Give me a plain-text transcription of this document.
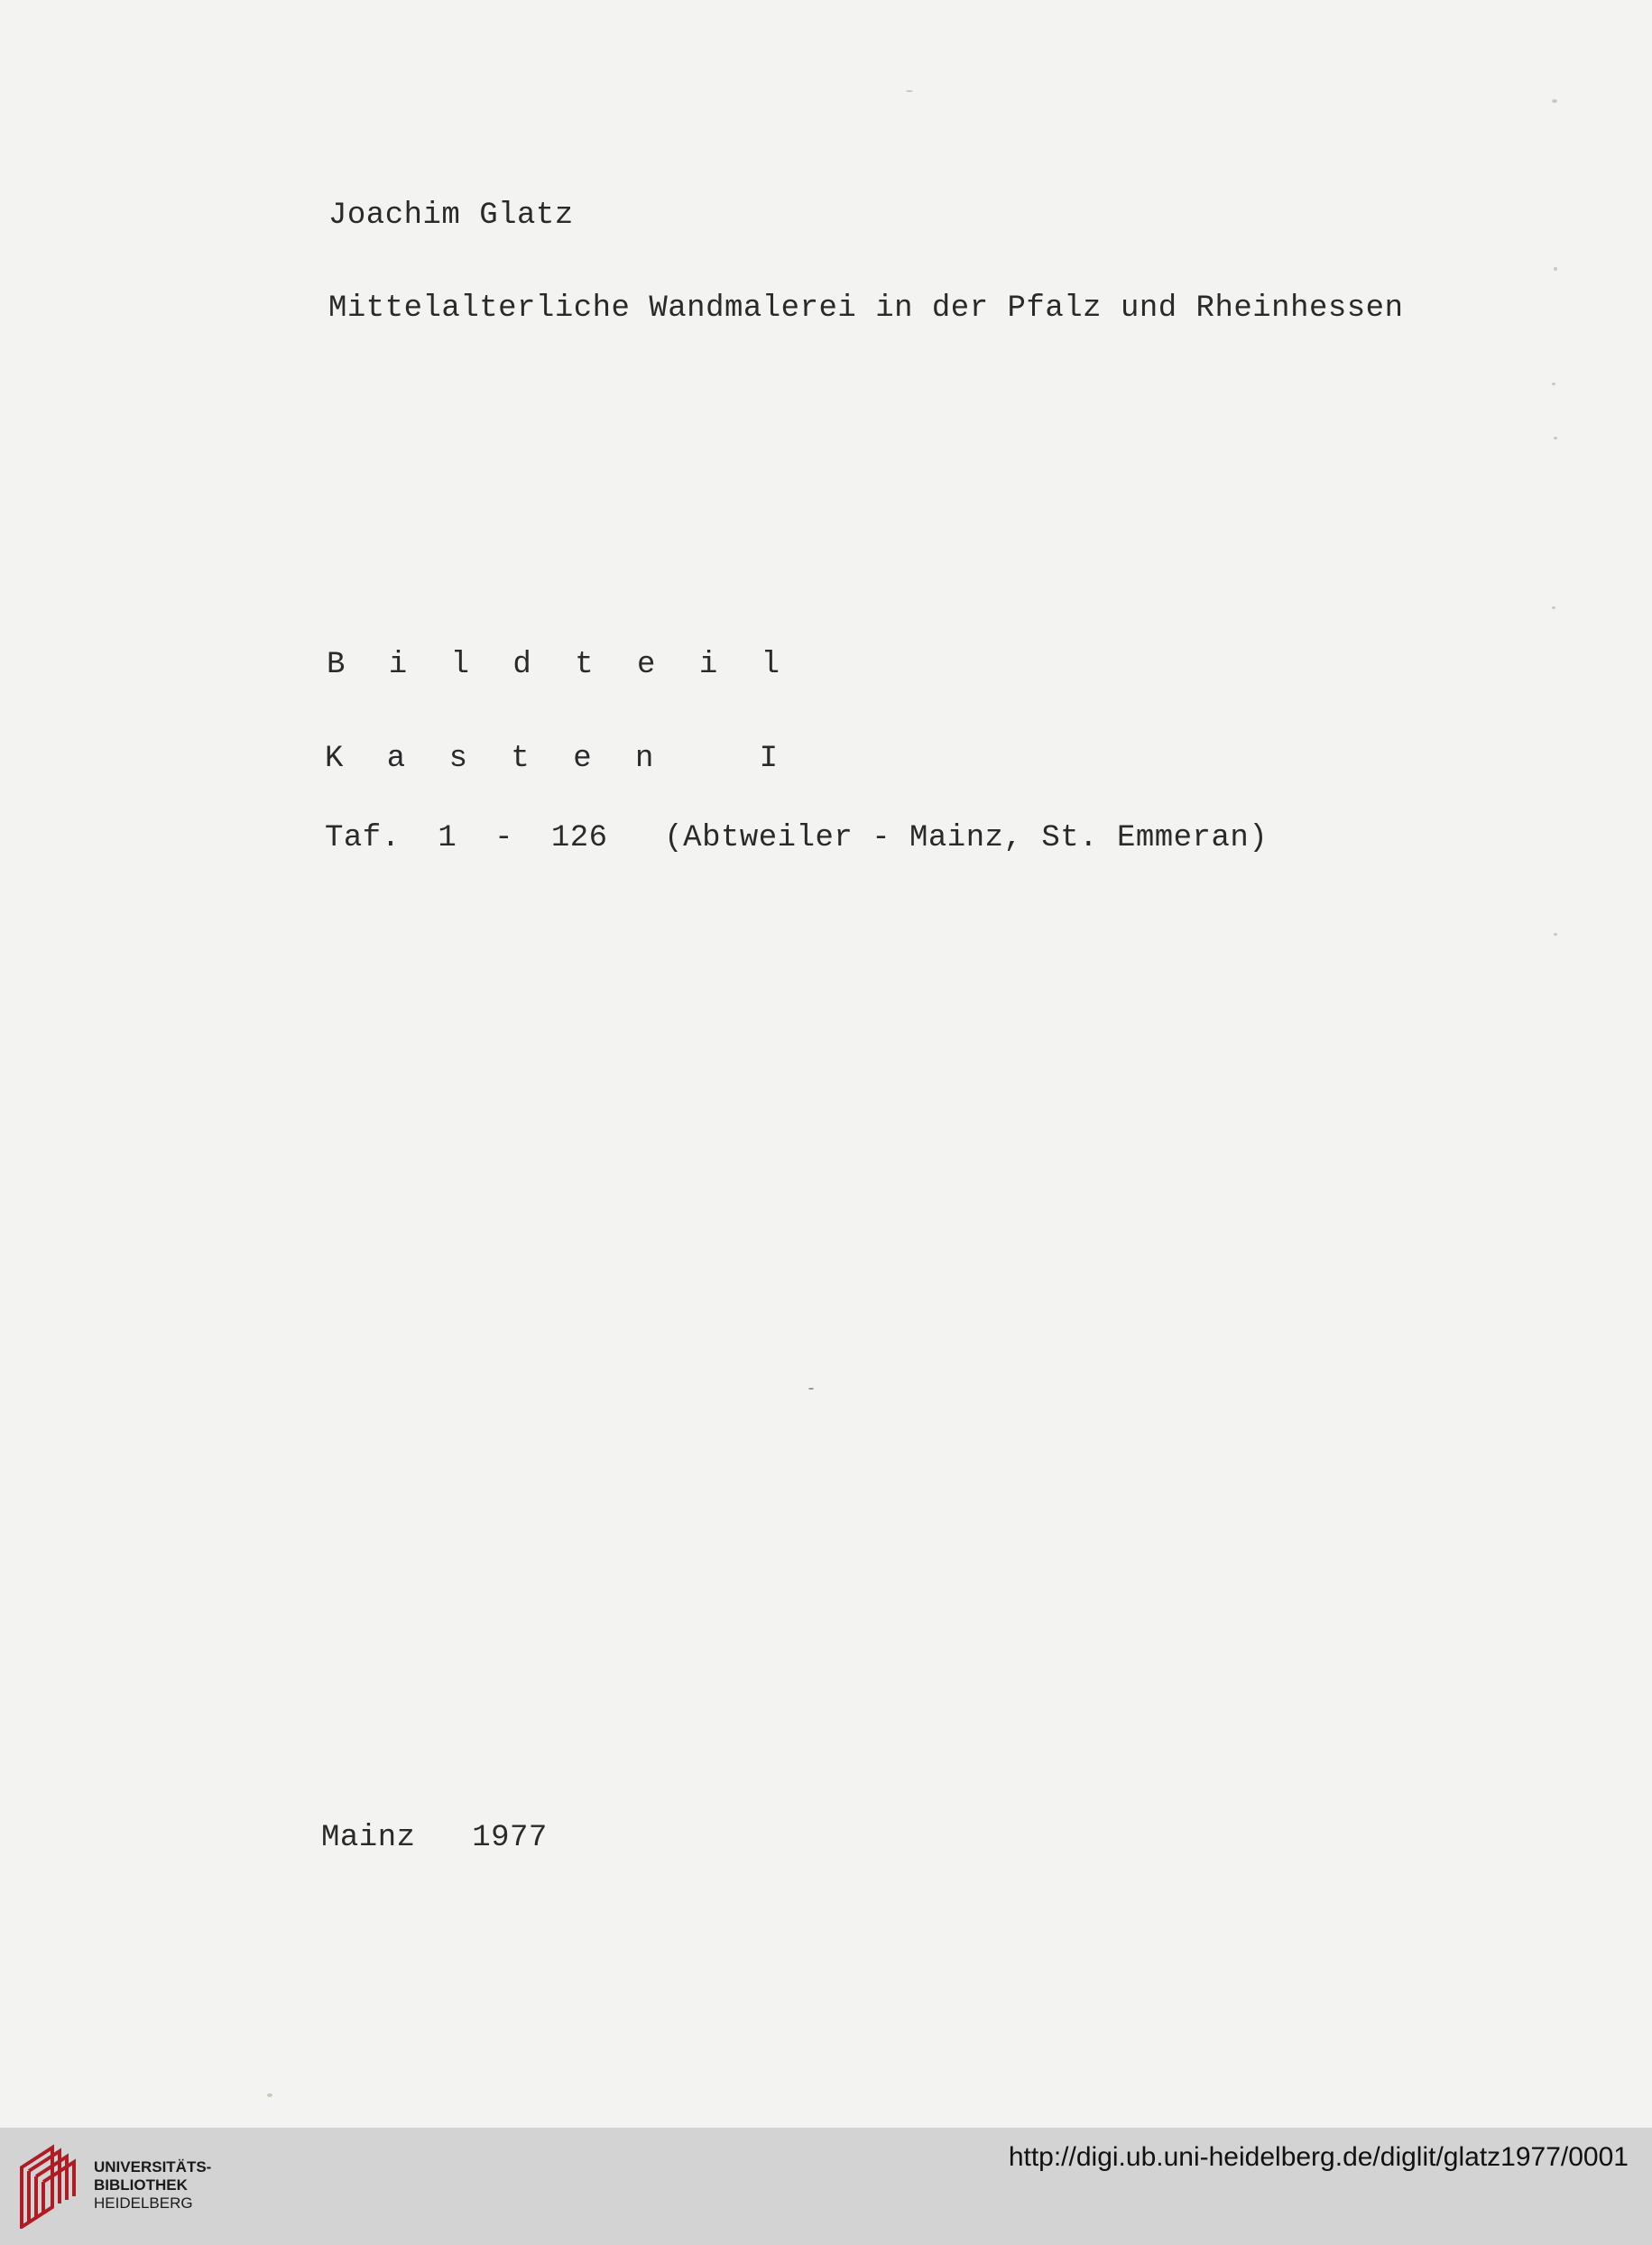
Joachim Glatz
Mittelalterliche Wandmalerei in der Pfalz und Rheinhessen
B i l d t e i l
K a s t e n   I
Taf.  1  -  126   (Abtweiler - Mainz, St. Emmeran)
Mainz   1977
UNIVERSITÄTS-
BIBLIOTHEK
HEIDELBERG
http://digi.ub.uni-heidelberg.de/diglit/glatz1977/0001
